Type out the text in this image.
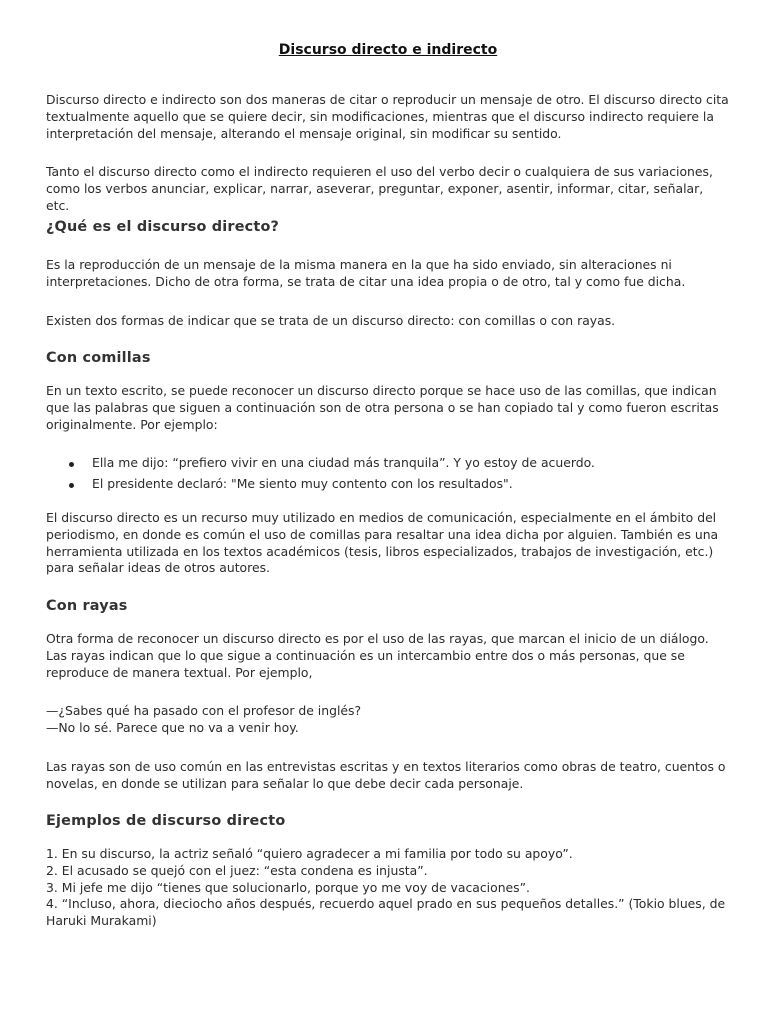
Discurso directo e indirecto

Discurso directo e indirecto son dos maneras de citar o reproducir un mensaje de otro. El discurso directo cita textualmente aquello que se quiere decir, sin modificaciones, mientras que el discurso indirecto requiere la interpretación del mensaje, alterando el mensaje original, sin modificar su sentido.

Tanto el discurso directo como el indirecto requieren el uso del verbo decir o cualquiera de sus variaciones, como los verbos anunciar, explicar, narrar, aseverar, preguntar, exponer, asentir, informar, citar, señalar, etc.

¿Qué es el discurso directo?

Es la reproducción de un mensaje de la misma manera en la que ha sido enviado, sin alteraciones ni interpretaciones. Dicho de otra forma, se trata de citar una idea propia o de otro, tal y como fue dicha.

Existen dos formas de indicar que se trata de un discurso directo: con comillas o con rayas.

Con comillas

En un texto escrito, se puede reconocer un discurso directo porque se hace uso de las comillas, que indican que las palabras que siguen a continuación son de otra persona o se han copiado tal y como fueron escritas originalmente. Por ejemplo:

Ella me dijo: “prefiero vivir en una ciudad más tranquila”. Y yo estoy de acuerdo.
El presidente declaró: "Me siento muy contento con los resultados".

El discurso directo es un recurso muy utilizado en medios de comunicación, especialmente en el ámbito del periodismo, en donde es común el uso de comillas para resaltar una idea dicha por alguien. También es una herramienta utilizada en los textos académicos (tesis, libros especializados, trabajos de investigación, etc.) para señalar ideas de otros autores.

Con rayas

Otra forma de reconocer un discurso directo es por el uso de las rayas, que marcan el inicio de un diálogo. Las rayas indican que lo que sigue a continuación es un intercambio entre dos o más personas, que se reproduce de manera textual. Por ejemplo,

—¿Sabes qué ha pasado con el profesor de inglés?
—No lo sé. Parece que no va a venir hoy.

Las rayas son de uso común en las entrevistas escritas y en textos literarios como obras de teatro, cuentos o novelas, en donde se utilizan para señalar lo que debe decir cada personaje.

Ejemplos de discurso directo
1. En su discurso, la actriz señaló “quiero agradecer a mi familia por todo su apoyo”.
2. El acusado se quejó con el juez: “esta condena es injusta”.
3. Mi jefe me dijo “tienes que solucionarlo, porque yo me voy de vacaciones”.
4. “Incluso, ahora, dieciocho años después, recuerdo aquel prado en sus pequeños detalles.” (Tokio blues, de Haruki Murakami)
